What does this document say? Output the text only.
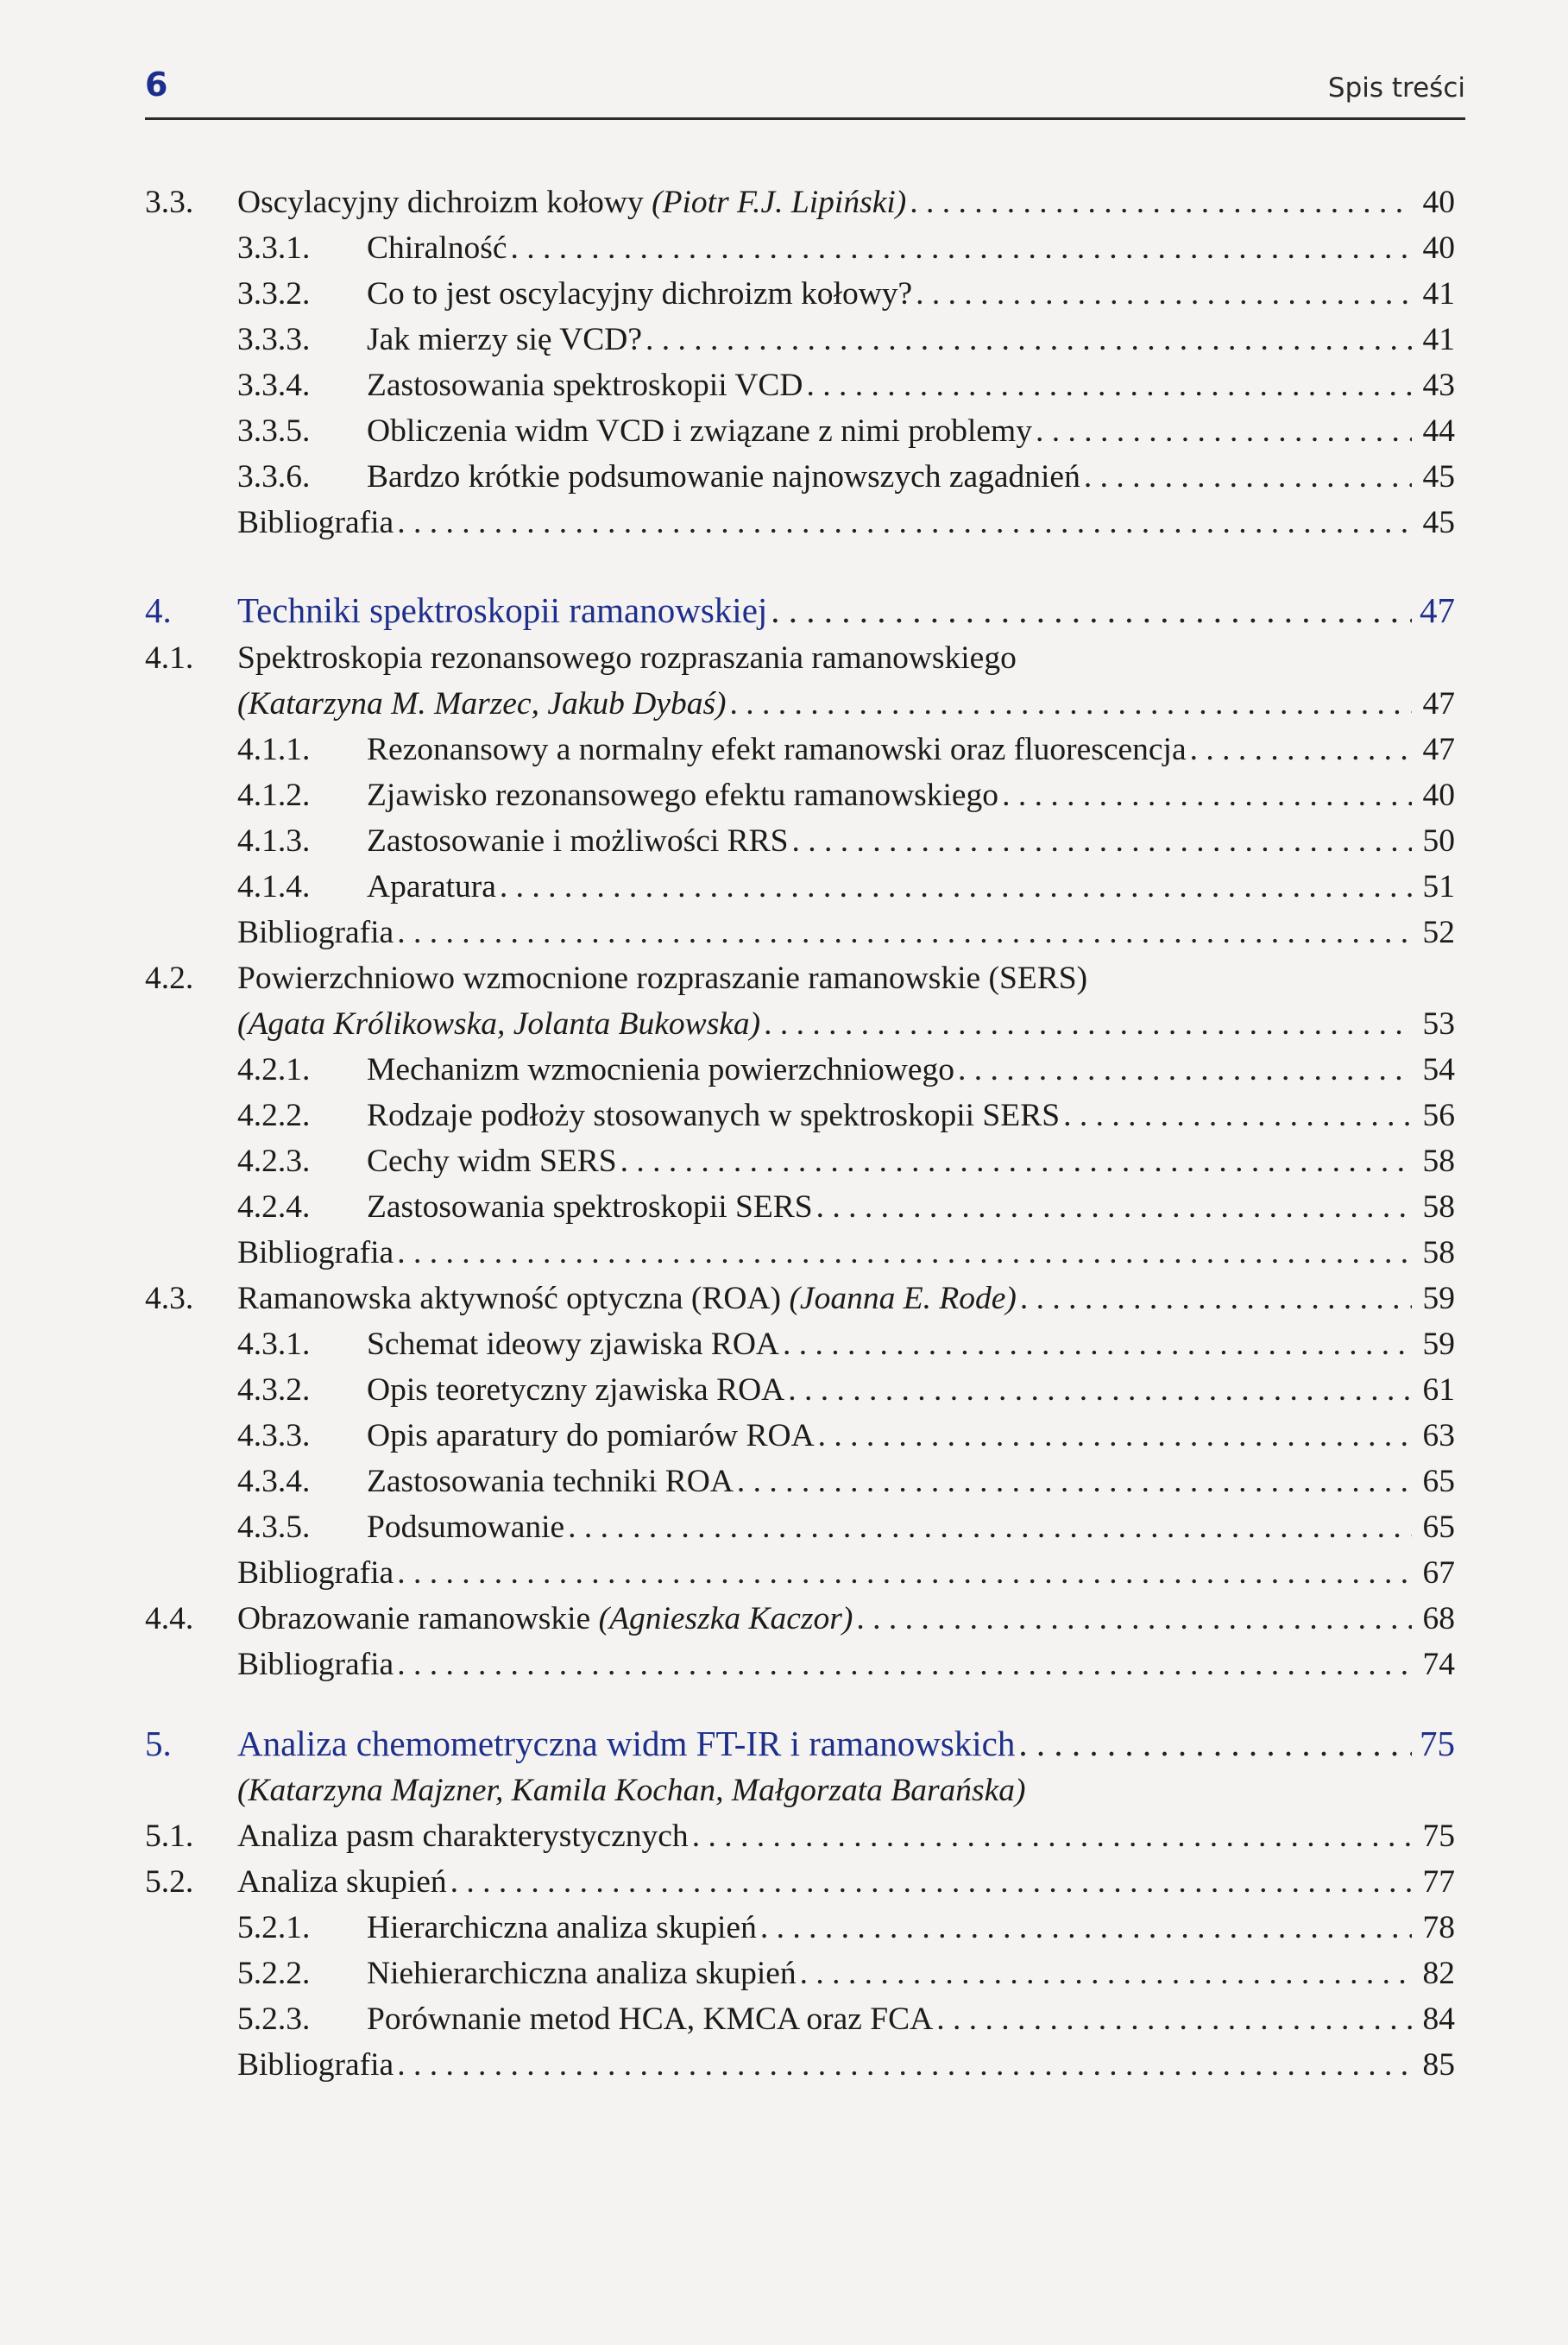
6	Spis treści
3.3. Oscylacyjny dichroizm kołowy (Piotr F.J. Lipiński) . . .	40
3.3.1. Chiralność . . .	40
3.3.2. Co to jest oscylacyjny dichroizm kołowy? . . .	41
3.3.3. Jak mierzy się VCD? . . .	41
3.3.4. Zastosowania spektroskopii VCD . . .	43
3.3.5. Obliczenia widm VCD i związane z nimi problemy . . .	44
3.3.6. Bardzo krótkie podsumowanie najnowszych zagadnień . . .	45
Bibliografia . . .	45
4. Techniki spektroskopii ramanowskiej . . .	47
4.1. Spektroskopia rezonansowego rozpraszania ramanowskiego
(Katarzyna M. Marzec, Jakub Dybaś) . . .	47
4.1.1. Rezonansowy a normalny efekt ramanowski oraz fluorescencja . . .	47
4.1.2. Zjawisko rezonansowego efektu ramanowskiego . . .	40
4.1.3. Zastosowanie i możliwości RRS . . .	50
4.1.4. Aparatura . . .	51
Bibliografia . . .	52
4.2. Powierzchniowo wzmocnione rozpraszanie ramanowskie (SERS)
(Agata Królikowska, Jolanta Bukowska) . . .	53
4.2.1. Mechanizm wzmocnienia powierzchniowego . . .	54
4.2.2. Rodzaje podłoży stosowanych w spektroskopii SERS . . .	56
4.2.3. Cechy widm SERS . . .	58
4.2.4. Zastosowania spektroskopii SERS . . .	58
Bibliografia . . .	58
4.3. Ramanowska aktywność optyczna (ROA) (Joanna E. Rode) . . .	59
4.3.1. Schemat ideowy zjawiska ROA . . .	59
4.3.2. Opis teoretyczny zjawiska ROA . . .	61
4.3.3. Opis aparatury do pomiarów ROA . . .	63
4.3.4. Zastosowania techniki ROA . . .	65
4.3.5. Podsumowanie . . .	65
Bibliografia . . .	67
4.4. Obrazowanie ramanowskie (Agnieszka Kaczor) . . .	68
Bibliografia . . .	74
5. Analiza chemometryczna widm FT-IR i ramanowskich . . .	75
(Katarzyna Majzner, Kamila Kochan, Małgorzata Barańska)
5.1. Analiza pasm charakterystycznych . . .	75
5.2. Analiza skupień . . .	77
5.2.1. Hierarchiczna analiza skupień . . .	78
5.2.2. Niehierarchiczna analiza skupień . . .	82
5.2.3. Porównanie metod HCA, KMCA oraz FCA . . .	84
Bibliografia . . .	85
